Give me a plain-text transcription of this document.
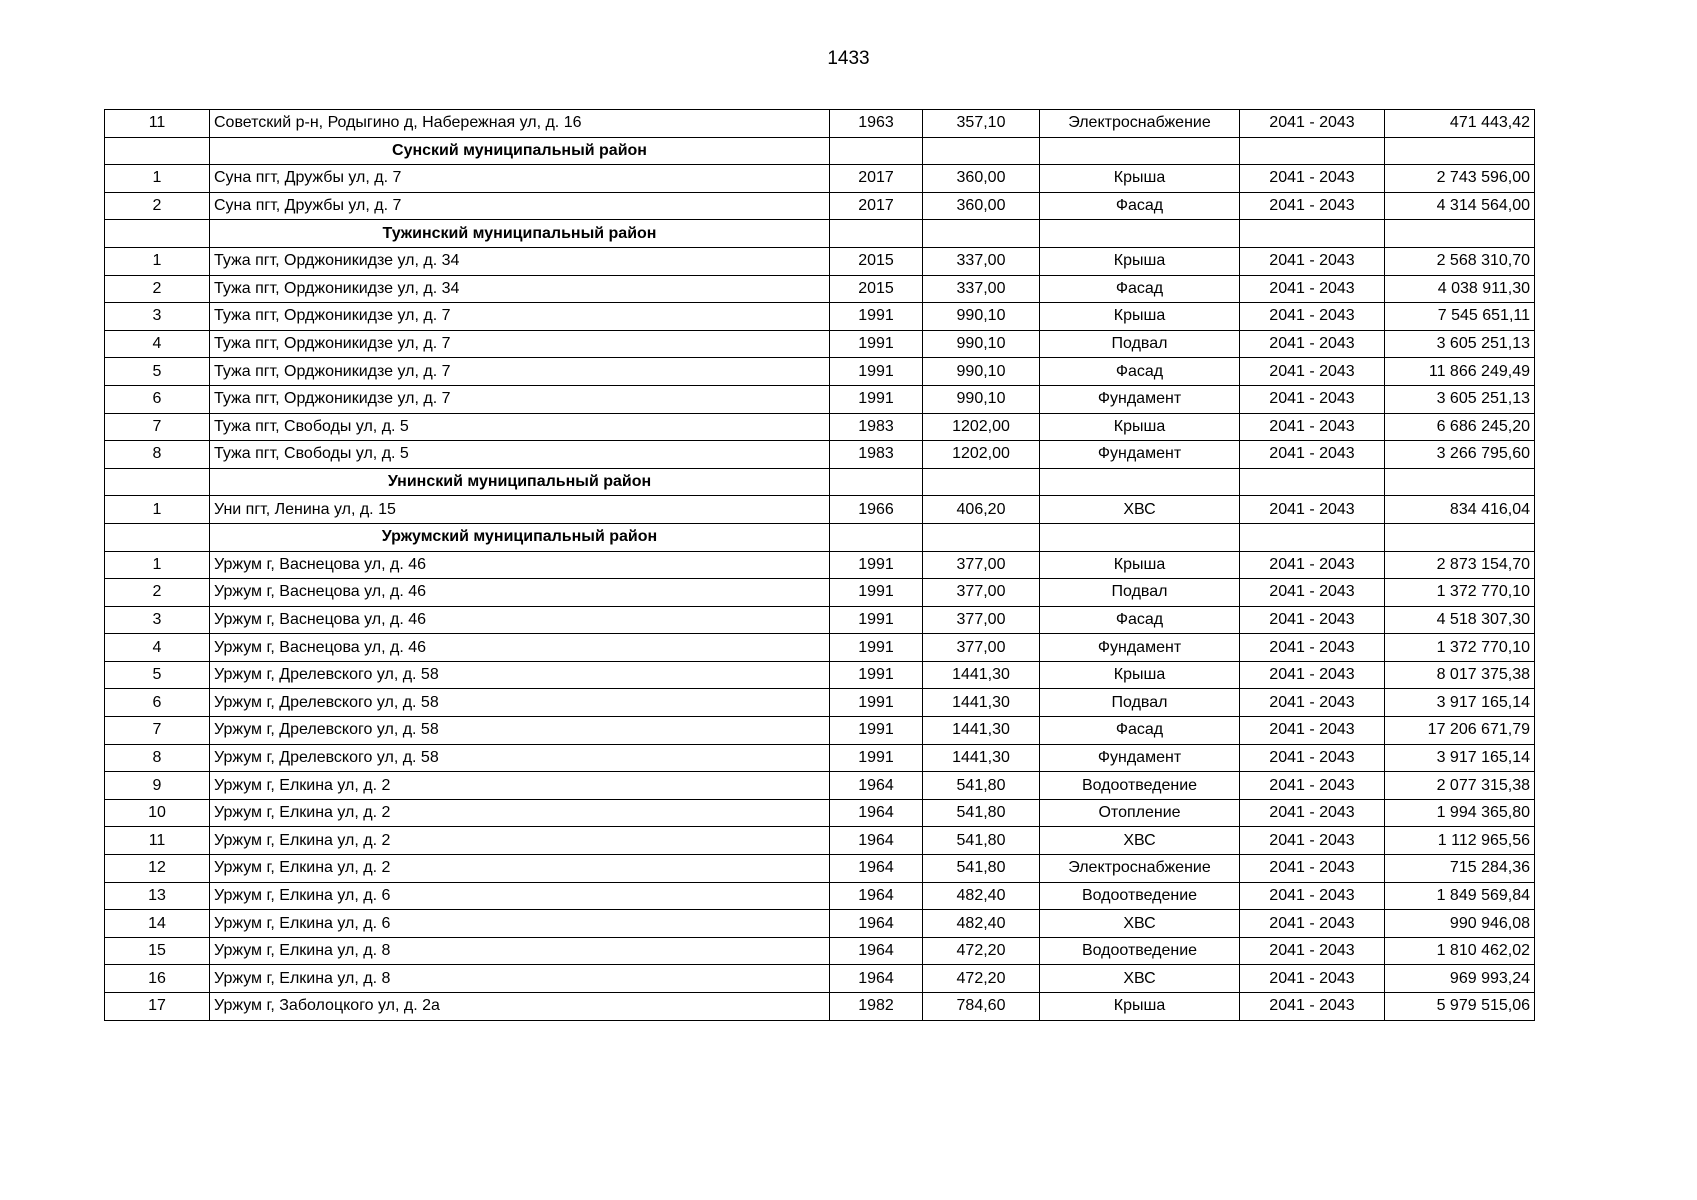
1433
11	Советский р-н, Родыгино д, Набережная ул, д. 16	1963	357,10	Электроснабжение	2041 - 2043	471 443,42
	Сунский муниципальный район					
1	Суна пгт, Дружбы ул, д. 7	2017	360,00	Крыша	2041 - 2043	2 743 596,00
2	Суна пгт, Дружбы ул, д. 7	2017	360,00	Фасад	2041 - 2043	4 314 564,00
	Тужинский муниципальный район					
1	Тужа пгт, Орджоникидзе ул, д. 34	2015	337,00	Крыша	2041 - 2043	2 568 310,70
2	Тужа пгт, Орджоникидзе ул, д. 34	2015	337,00	Фасад	2041 - 2043	4 038 911,30
3	Тужа пгт, Орджоникидзе ул, д. 7	1991	990,10	Крыша	2041 - 2043	7 545 651,11
4	Тужа пгт, Орджоникидзе ул, д. 7	1991	990,10	Подвал	2041 - 2043	3 605 251,13
5	Тужа пгт, Орджоникидзе ул, д. 7	1991	990,10	Фасад	2041 - 2043	11 866 249,49
6	Тужа пгт, Орджоникидзе ул, д. 7	1991	990,10	Фундамент	2041 - 2043	3 605 251,13
7	Тужа пгт, Свободы ул, д. 5	1983	1202,00	Крыша	2041 - 2043	6 686 245,20
8	Тужа пгт, Свободы ул, д. 5	1983	1202,00	Фундамент	2041 - 2043	3 266 795,60
	Унинский муниципальный район					
1	Уни пгт, Ленина ул, д. 15	1966	406,20	ХВС	2041 - 2043	834 416,04
	Уржумский муниципальный район					
1	Уржум г, Васнецова ул, д. 46	1991	377,00	Крыша	2041 - 2043	2 873 154,70
2	Уржум г, Васнецова ул, д. 46	1991	377,00	Подвал	2041 - 2043	1 372 770,10
3	Уржум г, Васнецова ул, д. 46	1991	377,00	Фасад	2041 - 2043	4 518 307,30
4	Уржум г, Васнецова ул, д. 46	1991	377,00	Фундамент	2041 - 2043	1 372 770,10
5	Уржум г, Дрелевского ул, д. 58	1991	1441,30	Крыша	2041 - 2043	8 017 375,38
6	Уржум г, Дрелевского ул, д. 58	1991	1441,30	Подвал	2041 - 2043	3 917 165,14
7	Уржум г, Дрелевского ул, д. 58	1991	1441,30	Фасад	2041 - 2043	17 206 671,79
8	Уржум г, Дрелевского ул, д. 58	1991	1441,30	Фундамент	2041 - 2043	3 917 165,14
9	Уржум г, Елкина ул, д. 2	1964	541,80	Водоотведение	2041 - 2043	2 077 315,38
10	Уржум г, Елкина ул, д. 2	1964	541,80	Отопление	2041 - 2043	1 994 365,80
11	Уржум г, Елкина ул, д. 2	1964	541,80	ХВС	2041 - 2043	1 112 965,56
12	Уржум г, Елкина ул, д. 2	1964	541,80	Электроснабжение	2041 - 2043	715 284,36
13	Уржум г, Елкина ул, д. 6	1964	482,40	Водоотведение	2041 - 2043	1 849 569,84
14	Уржум г, Елкина ул, д. 6	1964	482,40	ХВС	2041 - 2043	990 946,08
15	Уржум г, Елкина ул, д. 8	1964	472,20	Водоотведение	2041 - 2043	1 810 462,02
16	Уржум г, Елкина ул, д. 8	1964	472,20	ХВС	2041 - 2043	969 993,24
17	Уржум г, Заболоцкого ул, д. 2а	1982	784,60	Крыша	2041 - 2043	5 979 515,06
